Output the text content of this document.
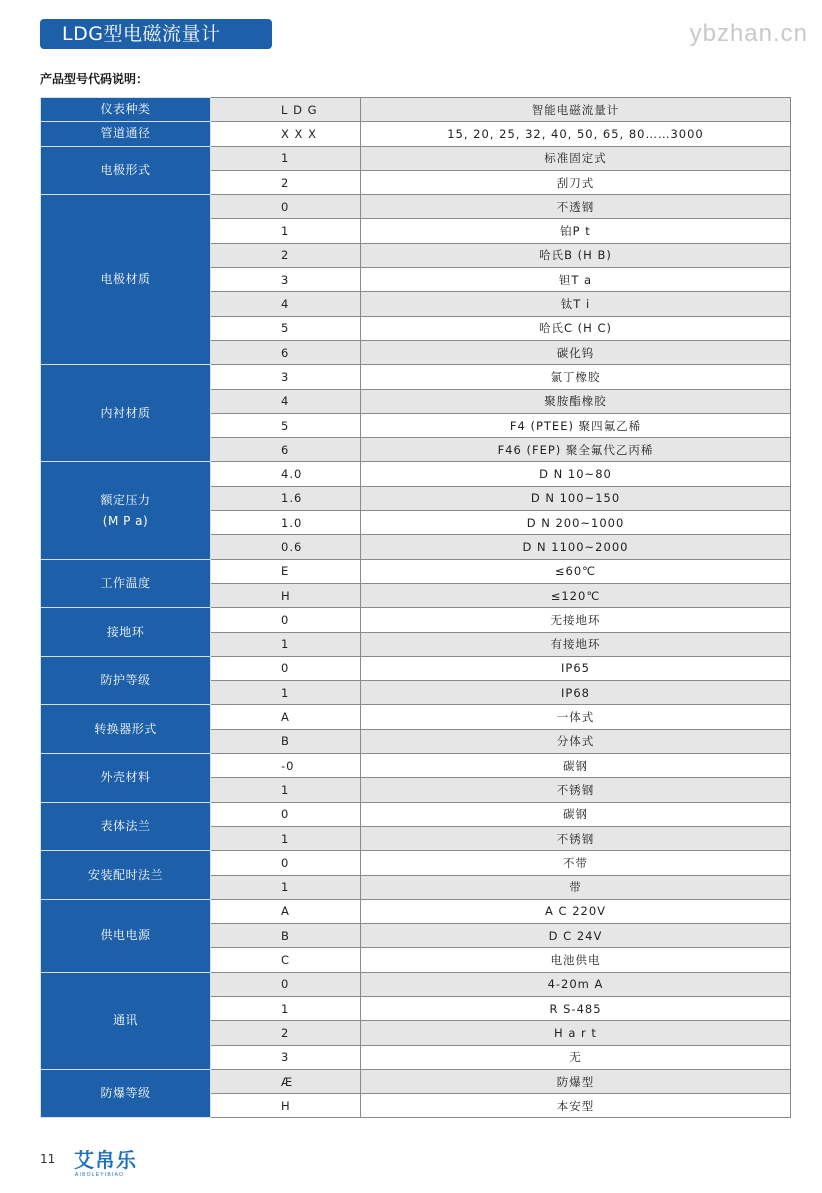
LDG型电磁流量计	ybzhan.cn
产品型号代码说明：
仪表种类	L D G	智能电磁流量计

管道通径	X X X	15, 20, 25, 32, 40, 50, 65, 80……3000

电极形式	1	标准固定式
	2	刮刀式

电极材质	0	不透钢
	1	铂P t
	2	哈氏B (H B)
	3	钽T a
	4	钛T i
	5	哈氏C (H C)
	6	碳化钨

内衬材质	3	氯丁橡胶
	4	聚胺酯橡胶
	5	F4 (PTEE) 聚四氟乙稀
	6	F46 (FEP) 聚全氟代乙丙稀

额定压力
(M P a)	4.0	D N 10~80
	1.6	D N 100~150
	1.0	D N 200~1000
	0.6	D N 1100~2000

工作温度	E	≤60℃
	H	≤120℃

接地环	0	无接地环
	1	有接地环

防护等级	0	IP65
	1	IP68

转换器形式	A	一体式
	B	分体式

外壳材料	-0	碳钢
	1	不锈钢

表体法兰	0	碳钢
	1	不锈钢

安装配时法兰	0	不带
	1	带

供电电源	A	A C 220V
	B	D C 24V
	C	电池供电

通讯	0	4-20m A
	1	R S-485
	2	H a r t
	3	无

防爆等级	Æ	防爆型
	H	本安型
11 艾帛乐
AIBOLEYIBIAO
